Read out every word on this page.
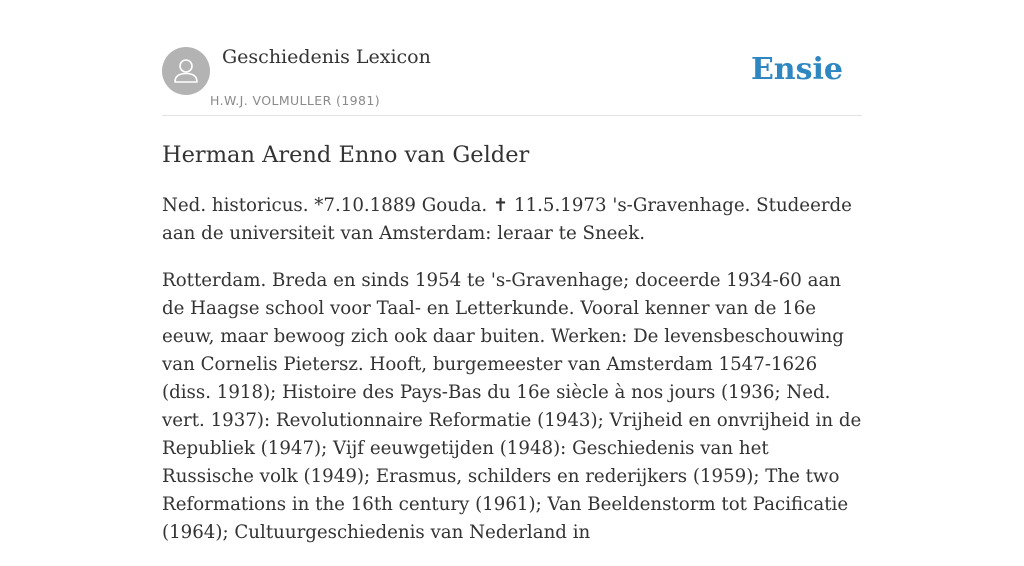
Geschiedenis Lexicon
H.W.J. VOLMULLER (1981)
Ensie
Herman Arend Enno van Gelder

Ned. historicus. *7.10.1889 Gouda. ✝ 11.5.1973 's-Gravenhage. Studeerde aan de universiteit van Amsterdam: leraar te Sneek.

Rotterdam. Breda en sinds 1954 te 's-Gravenhage; doceerde 1934-60 aan de Haagse school voor Taal- en Letterkunde. Vooral kenner van de 16e eeuw, maar bewoog zich ook daar buiten. Werken: De levensbeschouwing van Cornelis Pietersz. Hooft, burgemeester van Amsterdam 1547-1626 (diss. 1918); Histoire des Pays-Bas du 16e siècle à nos jours (1936; Ned. vert. 1937): Revolutionnaire Reformatie (1943); Vrijheid en onvrijheid in de Republiek (1947); Vijf eeuwgetijden (1948): Geschiedenis van het Russische volk (1949); Erasmus, schilders en rederijkers (1959); The two Reformations in the 16th century (1961); Van Beeldenstorm tot Pacificatie (1964); Cultuurgeschiedenis van Nederland in
